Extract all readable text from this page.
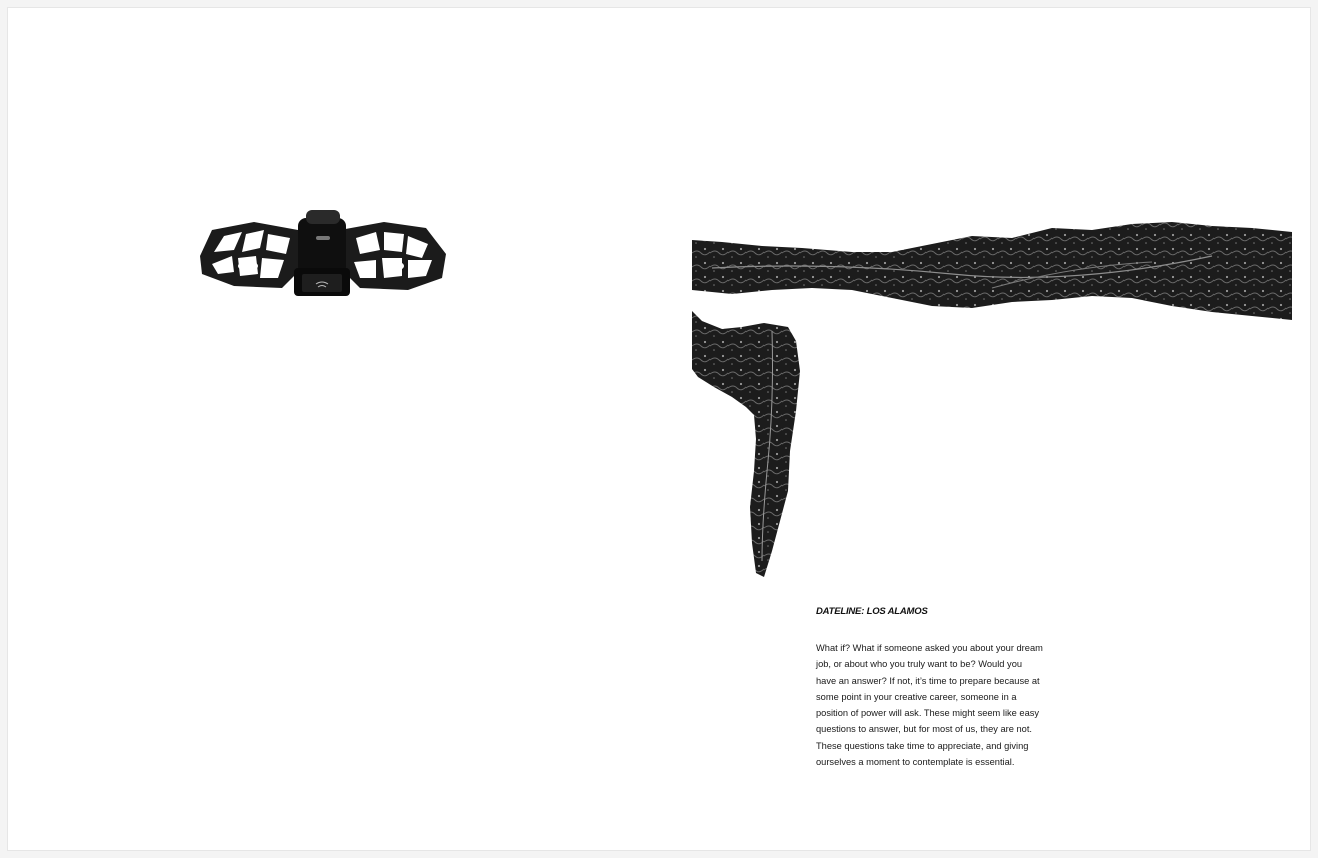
DATELINE: LOS ALAMOS

What if? What if someone asked you about your dream job, or about who you truly want to be? Would you have an answer? If not, it’s time to prepare because at some point in your creative career, someone in a position of power will ask. These might seem like easy questions to answer, but for most of us, they are not. These questions take time to appreciate, and giving ourselves a moment to contemplate is essential.
